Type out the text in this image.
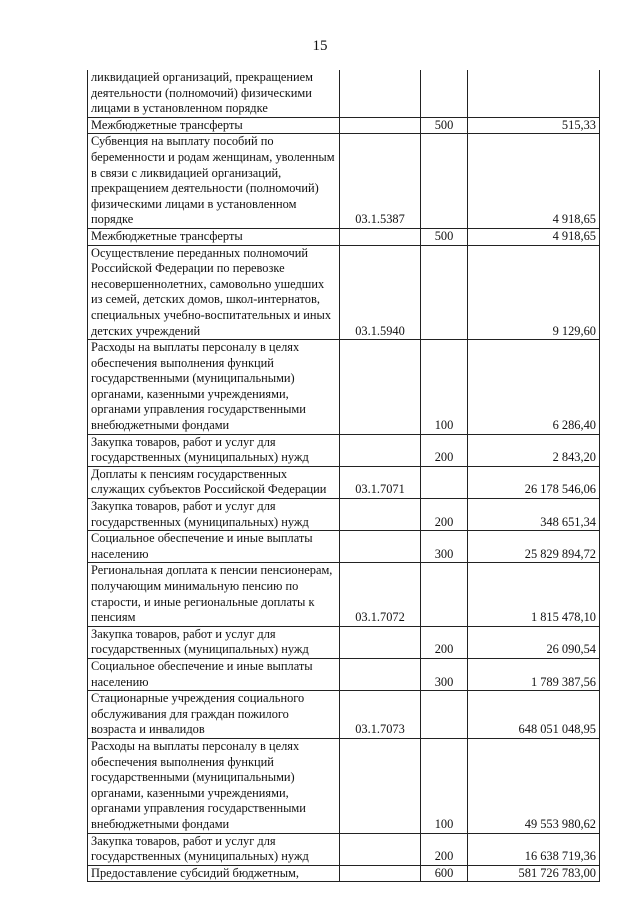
15
ликвидацией организаций, прекращением деятельности (полномочий) физическими лицами в установленном порядке			
Межбюджетные трансферты		500	515,33
Субвенция на выплату пособий по беременности и родам женщинам, уволенным в связи с ликвидацией организаций, прекращением деятельности (полномочий) физическими лицами в установленном порядке	03.1.5387		4 918,65
Межбюджетные трансферты		500	4 918,65
Осуществление переданных полномочий Российской Федерации по перевозке несовершеннолетних, самовольно ушедших из семей, детских домов, школ-интернатов, специальных учебно-воспитательных и иных детских учреждений	03.1.5940		9 129,60
Расходы на выплаты персоналу в целях обеспечения выполнения функций государственными (муниципальными) органами, казенными учреждениями, органами управления государственными внебюджетными фондами		100	6 286,40
Закупка товаров, работ и услуг для государственных (муниципальных) нужд		200	2 843,20
Доплаты к пенсиям государственных служащих субъектов Российской Федерации	03.1.7071		26 178 546,06
Закупка товаров, работ и услуг для государственных (муниципальных) нужд		200	348 651,34
Социальное обеспечение и иные выплаты населению		300	25 829 894,72
Региональная доплата к пенсии пенсионерам, получающим минимальную пенсию по старости, и иные региональные доплаты к пенсиям	03.1.7072		1 815 478,10
Закупка товаров, работ и услуг для государственных (муниципальных) нужд		200	26 090,54
Социальное обеспечение и иные выплаты населению		300	1 789 387,56
Стационарные учреждения социального обслуживания для граждан пожилого возраста и инвалидов	03.1.7073		648 051 048,95
Расходы на выплаты персоналу в целях обеспечения выполнения функций государственными (муниципальными) органами, казенными учреждениями, органами управления государственными внебюджетными фондами		100	49 553 980,62
Закупка товаров, работ и услуг для государственных (муниципальных) нужд		200	16 638 719,36
Предоставление субсидий бюджетным,		600	581 726 783,00
